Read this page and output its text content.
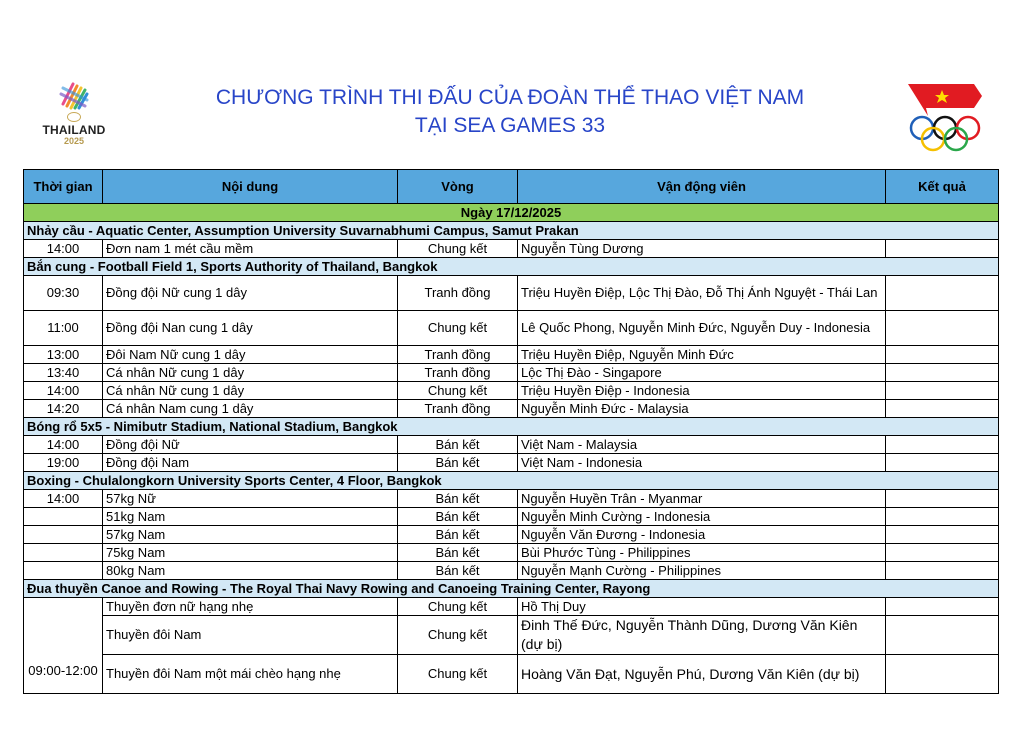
THAILAND
2025
CHƯƠNG TRÌNH THI ĐẤU CỦA ĐOÀN THỂ THAO VIỆT NAM
TẠI SEA GAMES 33
Thời gian	Nội dung	Vòng	Vận động viên	Kết quả
Ngày 17/12/2025				
Nhảy cầu - Aquatic Center, Assumption University Suvarnabhumi Campus, Samut Prakan				
14:00	Đơn nam 1 mét cầu mềm	Chung kết	Nguyễn Tùng Dương	
Bắn cung - Football Field 1, Sports Authority of Thailand, Bangkok				
09:30	Đồng đội Nữ cung 1 dây	Tranh đồng	Triệu Huyền Điệp, Lộc Thị Đào, Đỗ Thị Ánh Nguyệt - Thái Lan	
11:00	Đồng đội Nan cung 1 dây	Chung kết	Lê Quốc Phong, Nguyễn Minh Đức, Nguyễn Duy - Indonesia	
13:00	Đôi Nam Nữ cung 1 dây	Tranh đồng	Triệu Huyền Điệp, Nguyễn Minh Đức	
13:40	Cá nhân Nữ cung 1 dây	Tranh đồng	Lộc Thị Đào - Singapore	
14:00	Cá nhân Nữ cung 1 dây	Chung kết	Triệu Huyền Điệp - Indonesia	
14:20	Cá nhân Nam cung 1 dây	Tranh đồng	Nguyễn Minh Đức - Malaysia	
Bóng rổ 5x5 - Nimibutr Stadium, National Stadium, Bangkok				
14:00	Đồng đội Nữ	Bán kết	Việt Nam - Malaysia	
19:00	Đồng đội Nam	Bán kết	Việt Nam - Indonesia	
Boxing - Chulalongkorn University Sports Center, 4 Floor, Bangkok				
14:00	57kg Nữ	Bán kết	Nguyễn Huyền Trân - Myanmar	
	51kg Nam	Bán kết	Nguyễn Minh Cường - Indonesia	
	57kg Nam	Bán kết	Nguyễn Văn Đương - Indonesia	
	75kg Nam	Bán kết	Bùi Phước Tùng - Philippines	
	80kg Nam	Bán kết	Nguyễn Mạnh Cường - Philippines	
Đua thuyền Canoe and Rowing - The Royal Thai Navy Rowing and Canoeing Training Center, Rayong				
09:00-12:00	Thuyền đơn nữ hạng nhẹ	Chung kết	Hồ Thị Duy	
	Thuyền đôi Nam	Chung kết	Đinh Thế Đức, Nguyễn Thành Dũng, Dương Văn Kiên (dự bị)	
	Thuyền đôi Nam một mái chèo hạng nhẹ	Chung kết	Hoàng Văn Đạt, Nguyễn Phú, Dương Văn Kiên (dự bị)	
